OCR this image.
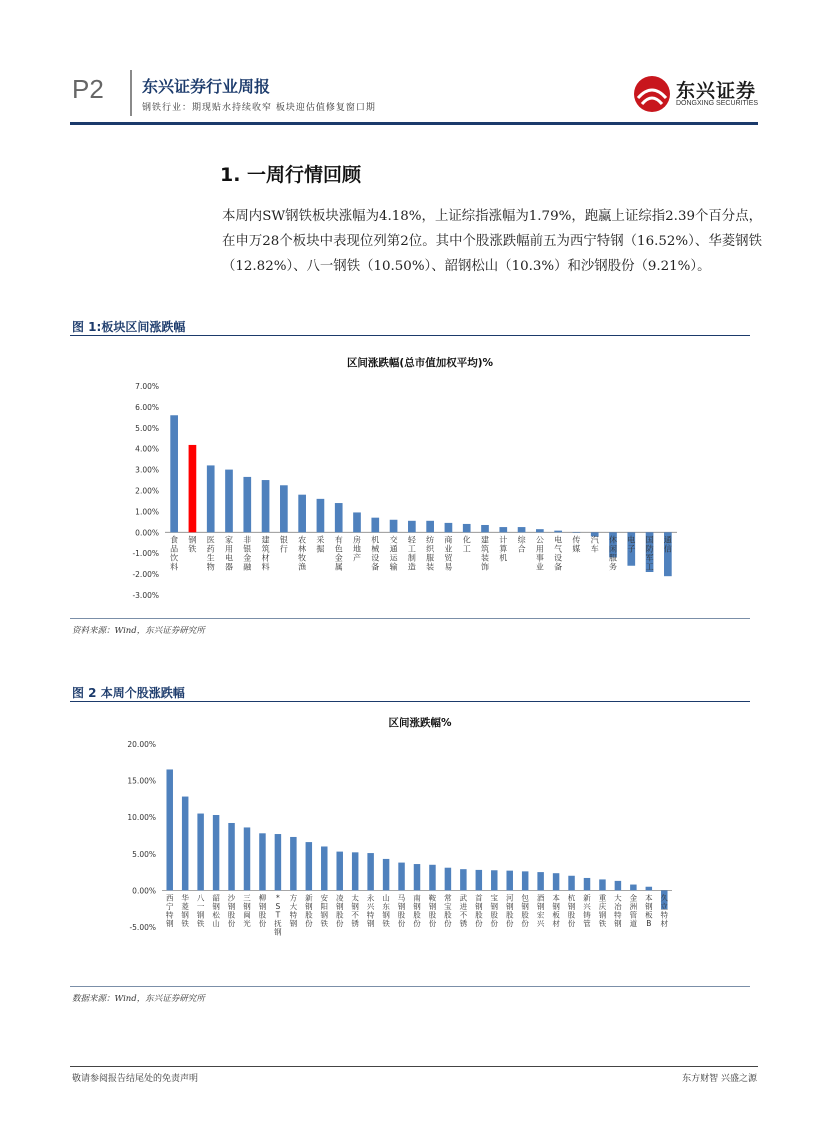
P2 东兴证券行业周报
钢铁行业：期现贴水持续收窄 板块迎估值修复窗口期
东兴证券
DONGXING SECURITIES
1. 一周行情回顾
本周内SW钢铁板块涨幅为4.18%，上证综指涨幅为1.79%，跑赢上证综指2.39个百分点，在申万28个板块中表现位列第2位。其中个股涨跌幅前五为西宁特钢（16.52%）、华菱钢铁（12.82%）、八一钢铁（10.50%）、韶钢松山（10.3%）和沙钢股份（9.21%）。
图 1:板块区间涨跌幅
区间涨跌幅(总市值加权平均)%
7.00%
6.00%
5.00%
4.00%
3.00%
2.00%
1.00%
0.00%
-1.00%
-2.00%
-3.00%
食品饮料
钢铁
医药生物
家用电器
非银金融
建筑材料
银行
农林牧渔
采掘
有色金属
房地产
机械设备
交通运输
轻工制造
纺织服装
商业贸易
化工
建筑装饰
计算机
综合
公用事业
电气设备
传媒
汽车
休闲服务
电子
国防军工
通信
资料来源：Wind，东兴证券研究所
图 2 本周个股涨跌幅
区间涨跌幅%
20.00%
15.00%
10.00%
5.00%
0.00%
-5.00%
西宁特钢
华菱钢铁
八一钢铁
韶钢松山
沙钢股份
三钢闽光
柳钢股份
* S T 抚钢
方大特钢
新钢股份
安阳钢铁
凌钢股份
太钢不锈
永兴特钢
山东钢铁
马钢股份
南钢股份
鞍钢股份
常宝股份
武进不锈
首钢股份
宝钢股份
河钢股份
包钢股份
酒钢宏兴
本钢板材
杭钢股份
新兴铸管
重庆钢铁
大冶特钢
金洲管道
本钢板 B
久立特材
数据来源：Wind，东兴证券研究所
敬请参阅报告结尾处的免责声明	东方财智 兴盛之源
